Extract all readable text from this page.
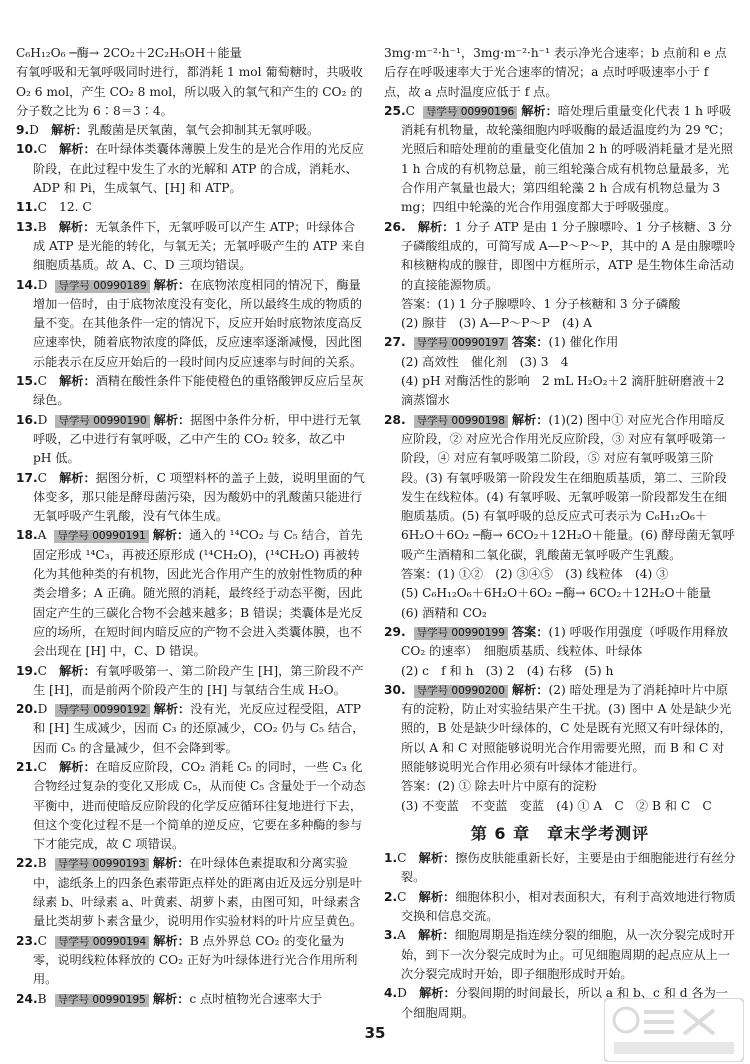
C₆H₁₂O₆ ─酶→ 2CO₂＋2C₂H₅OH＋能量

有氧呼吸和无氧呼吸同时进行，都消耗 1 mol 葡萄糖时，共吸收 O₂ 6 mol，产生 CO₂ 8 mol，所以吸入的氧气和产生的 CO₂ 的分子数之比为 6∶8＝3∶4。

9.D　 解析：乳酸菌是厌氧菌，氧气会抑制其无氧呼吸。

10.C　 解析：在叶绿体类囊体薄膜上发生的是光合作用的光反应阶段，在此过程中发生了水的光解和 ATP 的合成，消耗水、ADP 和 Pi，生成氧气、[H] 和 ATP。

11.C　12. C　

13.B　 解析：无氧条件下，无氧呼吸可以产生 ATP；叶绿体合成 ATP 是光能的转化，与氧无关；无氧呼吸产生的 ATP 来自细胞质基质。故 A、C、D 三项均错误。

14.D 导学号 00990189 解析：在底物浓度相同的情况下，酶量增加一倍时，由于底物浓度没有变化，所以最终生成的物质的量不变。在其他条件一定的情况下，反应开始时底物浓度高反应速率快，随着底物浓度的降低，反应速率逐渐减慢，因此图示能表示在反应开始后的一段时间内反应速率与时间的关系。

15.C　 解析：酒精在酸性条件下能使橙色的重铬酸钾反应后呈灰绿色。

16.D 导学号 00990190 解析：据图中条件分析，甲中进行无氧呼吸，乙中进行有氧呼吸，乙中产生的 CO₂ 较多，故乙中 pH 低。

17.C　 解析：据图分析，C 项塑料杯的盖子上鼓，说明里面的气体变多，那只能是酵母菌污染，因为酸奶中的乳酸菌只能进行无氧呼吸产生乳酸，没有气体生成。

18.A 导学号 00990191 解析：通入的 ¹⁴CO₂ 与 C₅ 结合，首先固定形成 ¹⁴C₃，再被还原形成 (¹⁴CH₂O)，(¹⁴CH₂O) 再被转化为其他种类的有机物，因此光合作用产生的放射性物质的种类会增多；A 正确。随光照的消耗，最终经于动态平衡，因此固定产生的三碳化合物不会越来越多；B 错误；类囊体是光反应的场所，在短时间内暗反应的产物不会进入类囊体膜，也不会出现在 [H] 中，C、D 错误。

19.C　 解析：有氧呼吸第一、第二阶段产生 [H]，第三阶段不产生 [H]，而是前两个阶段产生的 [H] 与氧结合生成 H₂O。

20.D 导学号 00990192 解析：没有光，光反应过程受阻，ATP 和 [H] 生成减少，因而 C₃ 的还原减少，CO₂ 仍与 C₅ 结合，因而 C₅ 的含量减少，但不会降到零。

21.C　 解析：在暗反应阶段，CO₂ 消耗 C₅ 的同时，一些 C₃ 化合物经过复杂的变化又形成 C₅，从而使 C₅ 含量处于一个动态平衡中，进而使暗反应阶段的化学反应循环往复地进行下去，但这个变化过程不是一个简单的逆反应，它要在多种酶的参与下才能完成，故 C 项错误。

22.B 导学号 00990193 解析：在叶绿体色素提取和分离实验中，滤纸条上的四条色素带距点样处的距离由近及远分别是叶绿素 b、叶绿素 a、叶黄素、胡萝卜素，由图可知，叶绿素含量比类胡萝卜素含量少，说明用作实验材料的叶片应呈黄色。

23.C 导学号 00990194 解析：B 点外界总 CO₂ 的变化量为零，说明线粒体释放的 CO₂ 正好为叶绿体进行光合作用所利用。

24.B 导学号 00990195 解析：c 点时植物光合速率大于

3mg·m⁻²·h⁻¹，3mg·m⁻²·h⁻¹ 表示净光合速率；b 点前和 e 点后存在呼吸速率大于光合速率的情况；a 点时呼吸速率小于 f 点，故 a 点时温度应低于 f 点。

25.C 导学号 00990196 解析：暗处理后重量变化代表 1 h 呼吸消耗有机物量，故轮藻细胞内呼吸酶的最适温度约为 29 ℃；光照后和暗处理前的重量变化值加 2 h 的呼吸消耗量才是光照 1 h 合成的有机物总量，前三组轮藻合成有机物总量最多，光合作用产氧量也最大；第四组轮藻 2 h 合成有机物总量为 3 mg；四组中轮藻的光合作用强度都大于呼吸强度。

26.　 解析：1 分子 ATP 是由 1 分子腺嘌呤、1 分子核糖、3 分子磷酸组成的，可简写成 A—P～P～P，其中的 A 是由腺嘌呤和核糖构成的腺苷，即图中方框所示，ATP 是生物体生命活动的直接能源物质。

答案：(1) 1 分子腺嘌呤、1 分子核糖和 3 分子磷酸

(2) 腺苷　(3) A—P～P～P　(4) A

27. 导学号 00990197 答案：(1) 催化作用

(2) 高效性　催化剂　(3) 3　4

(4) pH 对酶活性的影响　2 mL H₂O₂＋2 滴肝脏研磨液＋2 滴蒸馏水

28. 导学号 00990198 解析：(1)(2) 图中① 对应光合作用暗反应阶段，② 对应光合作用光反应阶段，③ 对应有氧呼吸第一阶段，④ 对应有氧呼吸第二阶段，⑤ 对应有氧呼吸第三阶段。(3) 有氧呼吸第一阶段发生在细胞质基质，第二、三阶段发生在线粒体。(4) 有氧呼吸、无氧呼吸第一阶段都发生在细胞质基质。(5) 有氧呼吸的总反应式可表示为 C₆H₁₂O₆＋6H₂O＋6O₂ ─酶→ 6CO₂＋12H₂O＋能量。(6) 酵母菌无氧呼吸产生酒精和二氧化碳，乳酸菌无氧呼吸产生乳酸。

答案：(1) ①②　(2) ③④⑤　(3) 线粒体　(4) ③

(5) C₆H₁₂O₆＋6H₂O＋6O₂ ─酶→ 6CO₂＋12H₂O＋能量

(6) 酒精和 CO₂

29. 导学号 00990199 答案：(1) 呼吸作用强度（呼吸作用释放 CO₂ 的速率）　细胞质基质、线粒体、叶绿体

(2) c　f 和 h　(3) 2　(4) 右移　(5) h

30. 导学号 00990200 解析：(2) 暗处理是为了消耗掉叶片中原有的淀粉，防止对实验结果产生干扰。(3) 图中 A 处是缺少光照的，B 处是缺少叶绿体的，C 处是既有光照又有叶绿体的，所以 A 和 C 对照能够说明光合作用需要光照，而 B 和 C 对照能够说明光合作用必须有叶绿体才能进行。

答案：(2) ① 除去叶片中原有的淀粉

(3) 不变蓝　不变蓝　变蓝　(4) ① A　C　② B 和 C　C

第 6 章　章末学考测评

1.C　 解析：擦伤皮肤能重新长好，主要是由于细胞能进行有丝分裂。

2.C　 解析：细胞体积小，相对表面积大，有利于高效地进行物质交换和信息交流。

3.A　 解析：细胞周期是指连续分裂的细胞，从一次分裂完成时开始，到下一次分裂完成时为止。可见细胞周期的起点应从上一次分裂完成时开始，即子细胞形成时开始。

4.D　 解析：分裂间期的时间最长，所以 a 和 b、c 和 d 各为一个细胞周期。

35
